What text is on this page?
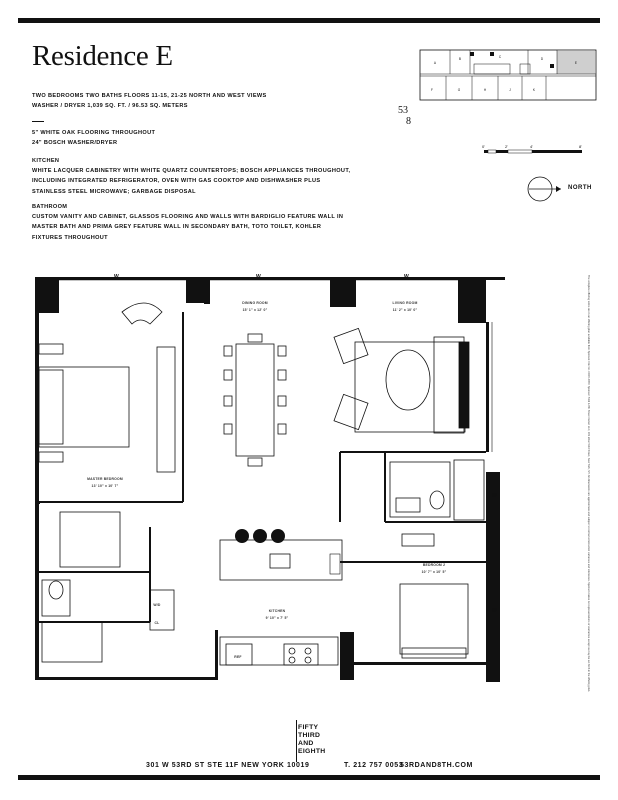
Residence E
TWO BEDROOMS TWO BATHS FLOORS 11-15, 21-25 NORTH AND WEST VIEWS
WASHER / DRYER 1,039 SQ. FT. / 96.53 SQ. METERS
5" WHITE OAK FLOORING THROUGHOUT
24" BOSCH WASHER/DRYER
KITCHEN
WHITE LACQUER CABINETRY WITH WHITE QUARTZ COUNTERTOPS; BOSCH APPLIANCES THROUGHOUT, INCLUDING INTEGRATED REFRIGERATOR, OVEN WITH GAS COOKTOP AND DISHWASHER PLUS STAINLESS STEEL MICROWAVE; GARBAGE DISPOSAL
BATHROOM
CUSTOM VANITY AND CABINET, GLASSOS FLOORING AND WALLS WITH BARDIGLIO FEATURE WALL IN MASTER BATH AND PRIMA GREY FEATURE WALL IN SECONDARY BATH, TOTO TOILET, KOHLER FIXTURES THROUGHOUT
A
B	C	D
E
F	G	H	J	K
53
8
0'	2'	4'	8'
NORTH
W	W	W
W
W
DINING ROOM
15' 1" x 12' 0"
LIVING ROOM
11' 2" x 10' 0"
MASTER BEDROOM
13' 10" x 10' 7"
BEDROOM 2
10' 7" x 10' 5"
KITCHEN
9' 10" x 7' 5"
W/D
CL
REF	The complete offering terms are in an offering plan available from Sponsor. File No. CD15-0000. Sponsor: 53rd & 8th Street Owner LLC, 301 West 53rd Street, New York, NY. All dimensions are approximate and subject to normal construction variances and tolerances. Sponsor makes no representations or warranties except as may be set forth in the offering plan.
FIFTY
THIRD
AND
EIGHTH
301 W 53RD ST STE 11F NEW YORK 10019	T. 212 757 0053
53RDAND8TH.COM
